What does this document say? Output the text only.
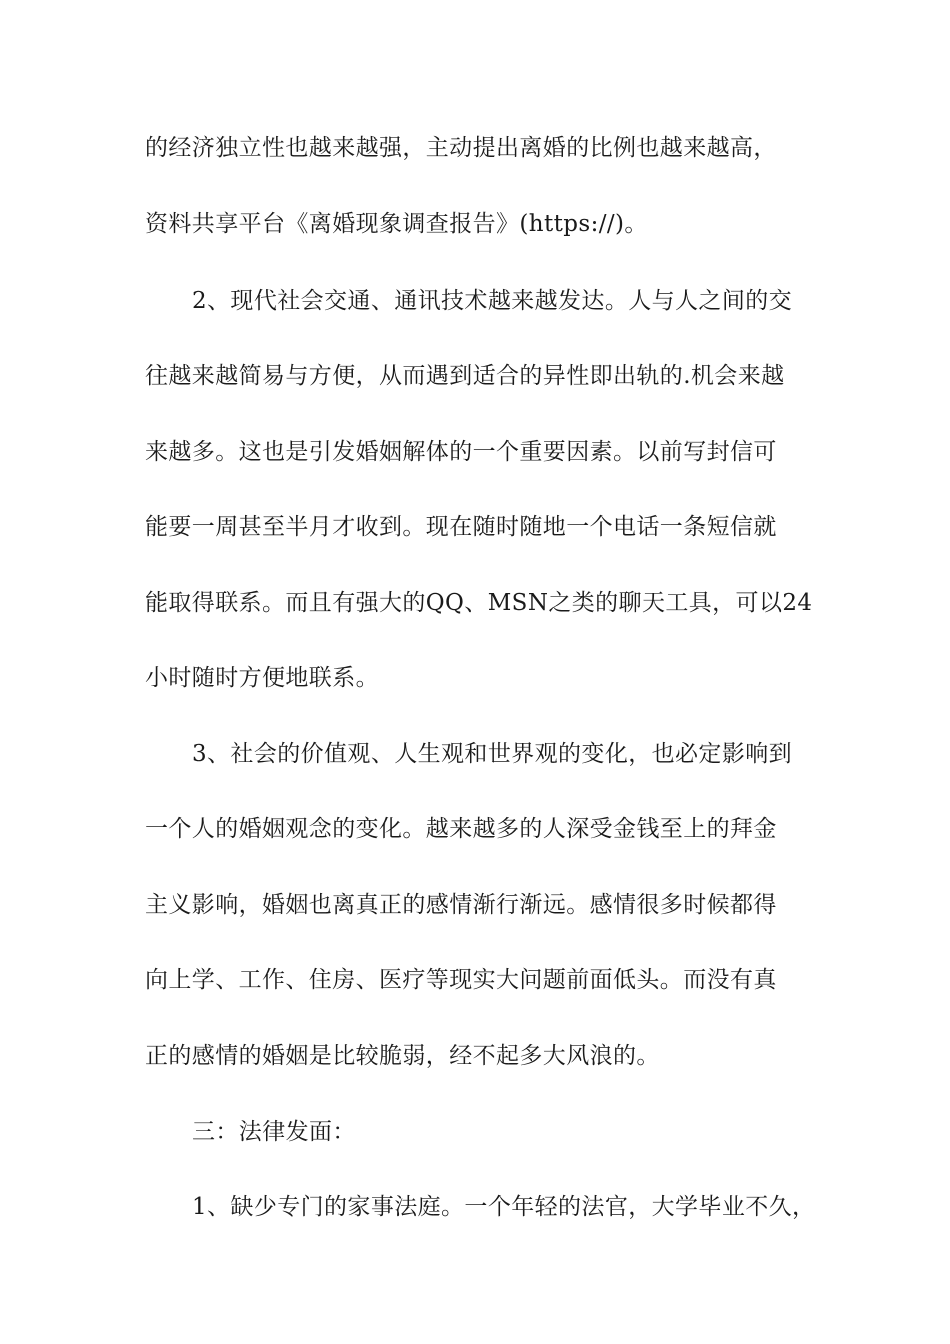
的经济独立性也越来越强，主动提出离婚的比例也越来越高，

资料共享平台《离婚现象调查报告》(https://)。

2、现代社会交通、通讯技术越来越发达。人与人之间的交

往越来越简易与方便，从而遇到适合的异性即出轨的.机会来越

来越多。这也是引发婚姻解体的一个重要因素。以前写封信可

能要一周甚至半月才收到。现在随时随地一个电话一条短信就

能取得联系。而且有强大的QQ、MSN之类的聊天工具，可以24

小时随时方便地联系。

3、社会的价值观、人生观和世界观的变化，也必定影响到

一个人的婚姻观念的变化。越来越多的人深受金钱至上的拜金

主义影响，婚姻也离真正的感情渐行渐远。感情很多时候都得

向上学、工作、住房、医疗等现实大问题前面低头。而没有真

正的感情的婚姻是比较脆弱，经不起多大风浪的。

三：法律发面：

1、缺少专门的家事法庭。一个年轻的法官，大学毕业不久，
